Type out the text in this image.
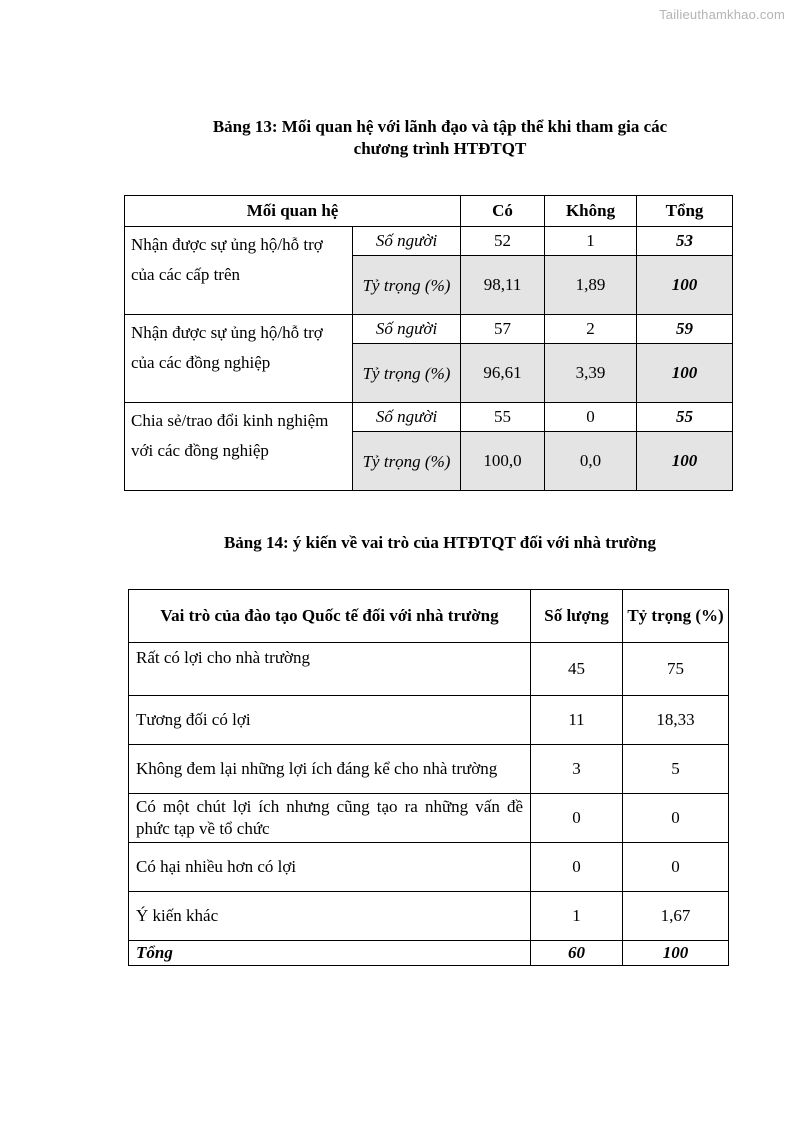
Tailieuthamkhao.com
Bảng 13: Mối quan hệ với lãnh đạo và tập thể khi tham gia các
chương trình HTĐTQT
Mối quan hệ		Có	Không	Tổng
Nhận được sự ủng hộ/hỗ trợ của các cấp trên	Số người	52	1	53
	Tỷ trọng (%)	98,11	1,89	100
Nhận được sự ủng hộ/hỗ trợ của các đồng nghiệp	Số người	57	2	59
	Tỷ trọng (%)	96,61	3,39	100
Chia sẻ/trao đổi kinh nghiệm với các đồng nghiệp	Số người	55	0	55
	Tỷ trọng (%)	100,0	0,0	100
Bảng 14: ý kiến về vai trò của HTĐTQT đối với nhà trường
Vai trò của đào tạo Quốc tế đối với nhà trường	Số lượng	Tỷ trọng (%)
Rất có lợi cho nhà trường	45	75
Tương đối có lợi	11	18,33
Không đem lại những lợi ích đáng kể cho nhà trường	3	5
Có một chút lợi ích nhưng cũng tạo ra những vấn đề phức tạp về tổ chức	0	0
Có hại nhiều hơn có lợi	0	0
Ý kiến khác	1	1,67
Tổng	60	100
